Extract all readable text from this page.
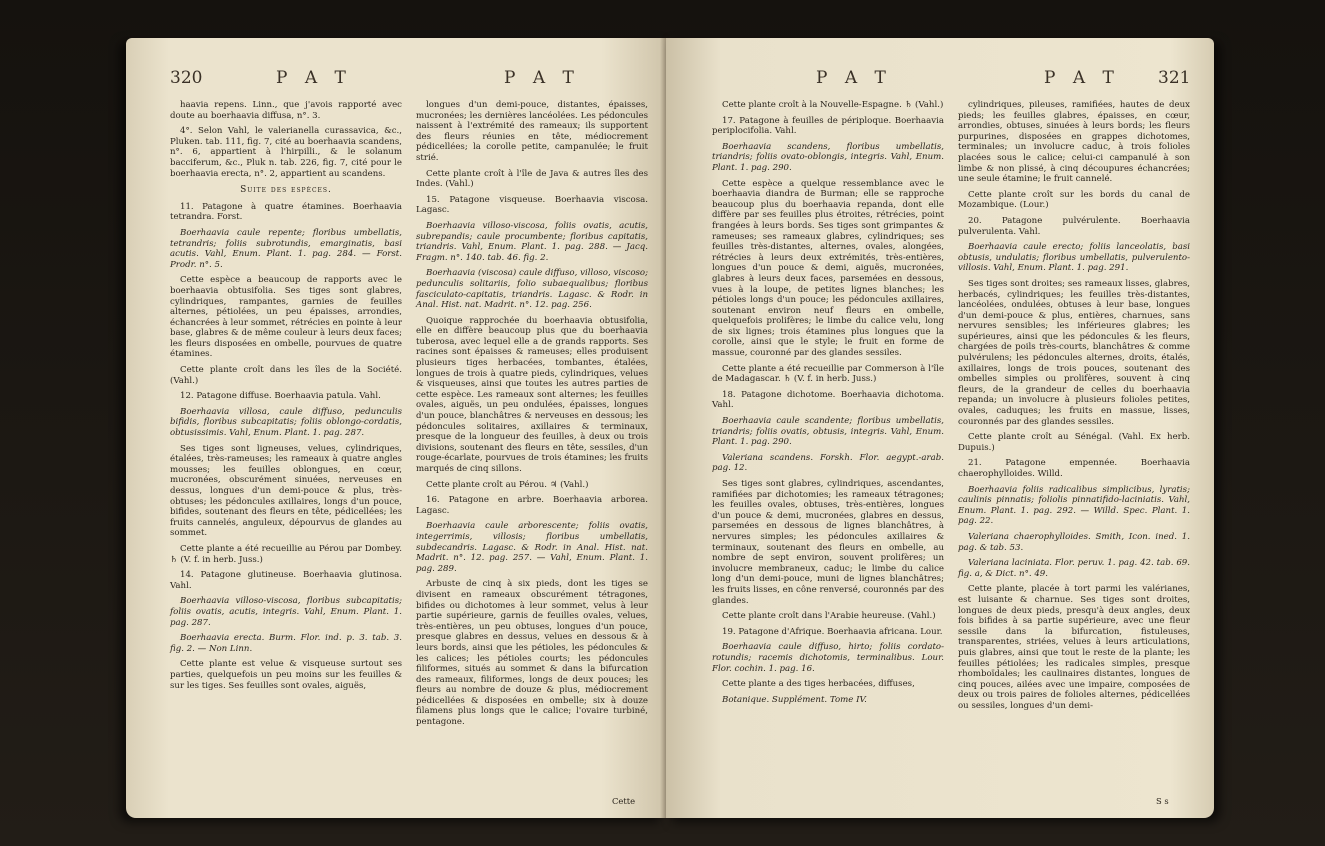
320	P A T	P A T

haavia repens. Linn., que j'avois rapporté avec doute au boerhaavia diffusa, n°. 3.

4°. Selon Vahl, le valerianella curassavica, &c., Pluken. tab. 111, fig. 7, cité au boerhaavia scandens, n°. 6, appartient à l'hirpilli., & le solanum bacciferum, &c., Pluk n. tab. 226, fig. 7, cité pour le boerhaavia erecta, n°. 2, appartient au scandens.

Suite des espèces.

11. Patagone à quatre étamines. Boerhaavia tetrandra. Forst.

Boerhaavia caule repente; floribus umbellatis, tetrandris; foliis subrotundis, emarginatis, basi acutis. Vahl, Enum. Plant. 1. pag. 284. — Forst. Prodr. n°. 5.

Cette espèce a beaucoup de rapports avec le boerhaavia obtusifolia. Ses tiges sont glabres, cylindriques, rampantes, garnies de feuilles alternes, pétiolées, un peu épaisses, arrondies, échancrées à leur sommet, rétrécies en pointe à leur base, glabres & de même couleur à leurs deux faces; les fleurs disposées en ombelle, pourvues de quatre étamines.

Cette plante croît dans les îles de la Société. (Vahl.)

12. Patagone diffuse. Boerhaavia patula. Vahl.

Boerhaavia villosa, caule diffuso, pedunculis bifidis, floribus subcapitatis; foliis oblongo-cordatis, obtusissimis. Vahl, Enum. Plant. 1. pag. 287.

Ses tiges sont ligneuses, velues, cylindriques, étalées, très-rameuses; les rameaux à quatre angles mousses; les feuilles oblongues, en cœur, mucronées, obscurément sinuées, nerveuses en dessus, longues d'un demi-pouce & plus, très-obtuses; les pédoncules axillaires, longs d'un pouce, bifides, soutenant des fleurs en tête, pédicellées; les fruits cannelés, anguleux, dépourvus de glandes au sommet.

Cette plante a été recueillie au Pérou par Dombey. ♄ (V. f. in herb. Juss.)

14. Patagone glutineuse. Boerhaavia glutinosa. Vahl.

Boerhaavia villoso-viscosa, floribus subcapitatis; foliis ovatis, acutis, integris. Vahl, Enum. Plant. 1. pag. 287.

Boerhaavia erecta. Burm. Flor. ind. p. 3. tab. 3. fig. 2. — Non Linn.

Cette plante est velue & visqueuse surtout ses parties, quelquefois un peu moins sur les feuilles & sur les tiges. Ses feuilles sont ovales, aiguës,

longues d'un demi-pouce, distantes, épaisses, mucronées; les dernières lancéolées. Les pédoncules naissent à l'extrémité des rameaux; ils supportent des fleurs réunies en tête, médiocrement pédicellées; la corolle petite, campanulée; le fruit strié.

Cette plante croît à l'île de Java & autres îles des Indes. (Vahl.)

15. Patagone visqueuse. Boerhaavia viscosa. Lagasc.

Boerhaavia villoso-viscosa, foliis ovatis, acutis, subrepandis; caule procumbente; floribus capitatis, triandris. Vahl, Enum. Plant. 1. pag. 288. — Jacq. Fragm. n°. 140. tab. 46. fig. 2.

Boerhaavia (viscosa) caule diffuso, villoso, viscoso; pedunculis solitariis, folio subaequalibus; floribus fasciculato-capitatis, triandris. Lagasc. & Rodr. in Anal. Hist. nat. Madrit. n°. 12. pag. 256.

Quoique rapprochée du boerhaavia obtusifolia, elle en diffère beaucoup plus que du boerhaavia tuberosa, avec lequel elle a de grands rapports. Ses racines sont épaisses & rameuses; elles produisent plusieurs tiges herbacées, tombantes, étalées, longues de trois à quatre pieds, cylindriques, velues & visqueuses, ainsi que toutes les autres parties de cette espèce. Les rameaux sont alternes; les feuilles ovales, aiguës, un peu ondulées, épaisses, longues d'un pouce, blanchâtres & nerveuses en dessous; les pédoncules solitaires, axillaires & terminaux, presque de la longueur des feuilles, à deux ou trois divisions, soutenant des fleurs en tête, sessiles, d'un rouge-écarlate, pourvues de trois étamines; les fruits marqués de cinq sillons.

Cette plante croît au Pérou. ♃ (Vahl.)

16. Patagone en arbre. Boerhaavia arborea. Lagasc.

Boerhaavia caule arborescente; foliis ovatis, integerrimis, villosis; floribus umbellatis, subdecandris. Lagasc. & Rodr. in Anal. Hist. nat. Madrit. n°. 12. pag. 257. — Vahl, Enum. Plant. 1. pag. 289.

Arbuste de cinq à six pieds, dont les tiges se divisent en rameaux obscurément tétragones, bifides ou dichotomes à leur sommet, velus à leur partie supérieure, garnis de feuilles ovales, velues, très-entières, un peu obtuses, longues d'un pouce, presque glabres en dessus, velues en dessous & à leurs bords, ainsi que les pétioles, les pédoncules & les calices; les pétioles courts; les pédoncules filiformes, situés au sommet & dans la bifurcation des rameaux, filiformes, longs de deux pouces; les fleurs au nombre de douze & plus, médiocrement pédicellées & disposées en ombelle; six à douze filamens plus longs que le calice; l'ovaire turbiné, pentagone.

Cette
P A T	P A T 321

Cette plante croît à la Nouvelle-Espagne. ♄ (Vahl.)

17. Patagone à feuilles de périploque. Boerhaavia periplocifolia. Vahl.

Boerhaavia scandens, floribus umbellatis, triandris; foliis ovato-oblongis, integris. Vahl, Enum. Plant. 1. pag. 290.

Cette espèce a quelque ressemblance avec le boerhaavia diandra de Burman; elle se rapproche beaucoup plus du boerhaavia repanda, dont elle diffère par ses feuilles plus étroites, rétrécies, point frangées à leurs bords. Ses tiges sont grimpantes & rameuses; ses rameaux glabres, cylindriques; ses feuilles très-distantes, alternes, ovales, alongées, rétrécies à leurs deux extrémités, très-entières, longues d'un pouce & demi, aiguës, mucronées, glabres à leurs deux faces, parsemées en dessous, vues à la loupe, de petites lignes blanches; les pétioles longs d'un pouce; les pédoncules axillaires, soutenant environ neuf fleurs en ombelle, quelquefois prolifères; le limbe du calice velu, long de six lignes; trois étamines plus longues que la corolle, ainsi que le style; le fruit en forme de massue, couronné par des glandes sessiles.

Cette plante a été recueillie par Commerson à l'île de Madagascar. ♄ (V. f. in herb. Juss.)

18. Patagone dichotome. Boerhaavia dichotoma. Vahl.

Boerhaavia caule scandente; floribus umbellatis, triandris; foliis ovatis, obtusis, integris. Vahl, Enum. Plant. 1. pag. 290.

Valeriana scandens. Forskh. Flor. aegypt.-arab. pag. 12.

Ses tiges sont glabres, cylindriques, ascendantes, ramifiées par dichotomies; les rameaux tétragones; les feuilles ovales, obtuses, très-entières, longues d'un pouce & demi, mucronées, glabres en dessus, parsemées en dessous de lignes blanchâtres, à nervures simples; les pédoncules axillaires & terminaux, soutenant des fleurs en ombelle, au nombre de sept environ, souvent prolifères; un involucre membraneux, caduc; le limbe du calice long d'un demi-pouce, muni de lignes blanchâtres; les fruits lisses, en cône renversé, couronnés par des glandes.

Cette plante croît dans l'Arabie heureuse. (Vahl.)

19. Patagone d'Afrique. Boerhaavia africana. Lour.

Boerhaavia caule diffuso, hirto; foliis cordato-rotundis; racemis dichotomis, terminalibus. Lour. Flor. cochin. 1. pag. 16.

Cette plante a des tiges herbacées, diffuses,

Botanique. Supplément. Tome IV.

cylindriques, pileuses, ramifiées, hautes de deux pieds; les feuilles glabres, épaisses, en cœur, arrondies, obtuses, sinuées à leurs bords; les fleurs purpurines, disposées en grappes dichotomes, terminales; un involucre caduc, à trois folioles placées sous le calice; celui-ci campanulé à son limbe & non plissé, à cinq découpures échancrées; une seule étamine; le fruit cannelé.

Cette plante croît sur les bords du canal de Mozambique. (Lour.)

20. Patagone pulvérulente. Boerhaavia pulverulenta. Vahl.

Boerhaavia caule erecto; foliis lanceolatis, basi obtusis, undulatis; floribus umbellatis, pulverulento-villosis. Vahl, Enum. Plant. 1. pag. 291.

Ses tiges sont droites; ses rameaux lisses, glabres, herbacés, cylindriques; les feuilles très-distantes, lancéolées, ondulées, obtuses à leur base, longues d'un demi-pouce & plus, entières, charnues, sans nervures sensibles; les inférieures glabres; les supérieures, ainsi que les pédoncules & les fleurs, chargées de poils très-courts, blanchâtres & comme pulvérulens; les pédoncules alternes, droits, étalés, axillaires, longs de trois pouces, soutenant des ombelles simples ou prolifères, souvent à cinq fleurs, de la grandeur de celles du boerhaavia repanda; un involucre à plusieurs folioles petites, ovales, caduques; les fruits en massue, lisses, couronnés par des glandes sessiles.

Cette plante croît au Sénégal. (Vahl. Ex herb. Dupuis.)

21. Patagone empennée. Boerhaavia chaerophylloides. Willd.

Boerhaavia foliis radicalibus simplicibus, lyratis; caulinis pinnatis; foliolis pinnatifido-laciniatis. Vahl, Enum. Plant. 1. pag. 292. — Willd. Spec. Plant. 1. pag. 22.

Valeriana chaerophylloides. Smith, Icon. ined. 1. pag. & tab. 53.

Valeriana laciniata. Flor. peruv. 1. pag. 42. tab. 69. fig. a, & Dict. n°. 49.

Cette plante, placée à tort parmi les valérianes, est luisante & charnue. Ses tiges sont droites, longues de deux pieds, presqu'à deux angles, deux fois bifides à sa partie supérieure, avec une fleur sessile dans la bifurcation, fistuleuses, transparentes, striées, velues à leurs articulations, puis glabres, ainsi que tout le reste de la plante; les feuilles pétiolées; les radicales simples, presque rhomboïdales; les caulinaires distantes, longues de cinq pouces, ailées avec une impaire, composées de deux ou trois paires de folioles alternes, pédicellées ou sessiles, longues d'un demi-

S s
